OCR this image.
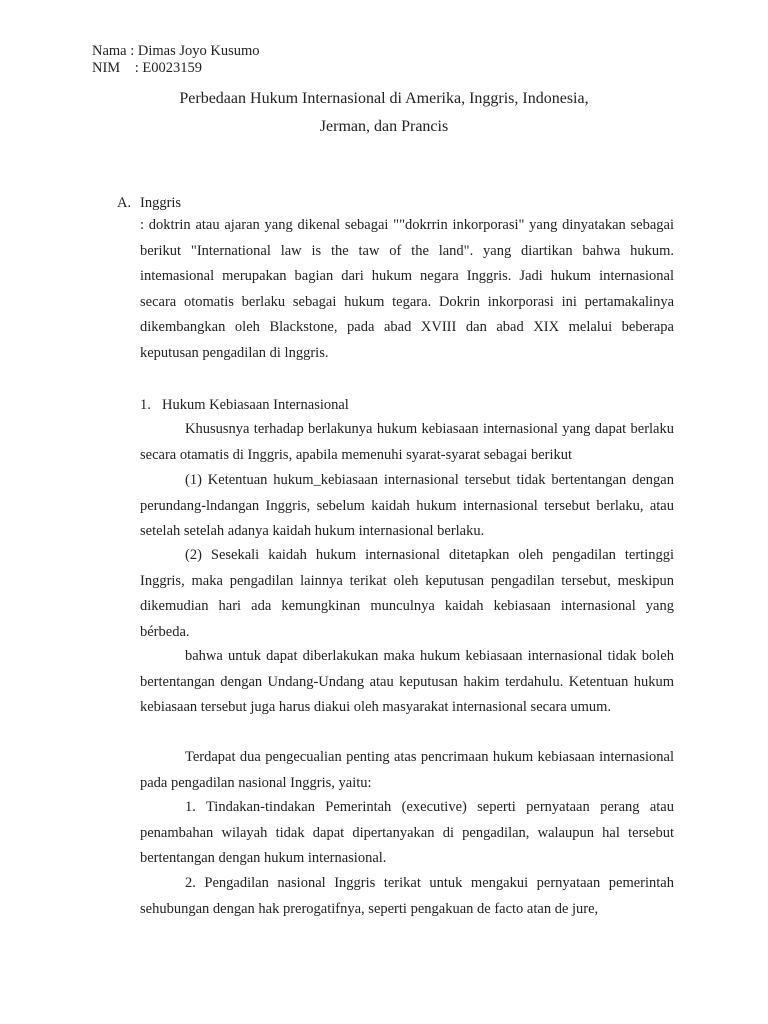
Nama : Dimas Joyo Kusumo
NIM    : E0023159
Perbedaan Hukum Internasional di Amerika, Inggris, Indonesia,
Jerman, dan Prancis
A. Inggris

: doktrin atau ajaran yang dikenal sebagai ""dokrrin inkorporasi" yang dinyatakan sebagai berikut "International law is the taw of the land". yang diartikan bahwa hukum. intemasional merupakan bagian dari hukum negara Inggris. Jadi hukum internasional secara otomatis berlaku sebagai hukum tegara. Dokrin inkorporasi ini pertamakalinya dikembangkan oleh Blackstone, pada abad XVIII dan abad XIX melalui beberapa keputusan pengadilan di lnggris.

1. Hukum Kebiasaan Internasional

Khususnya terhadap berlakunya hukum kebiasaan internasional yang dapat berlaku secara otamatis di Inggris, apabila memenuhi syarat-syarat sebagai berikut

(1) Ketentuan hukum_kebiasaan internasional tersebut tidak bertentangan dengan perundang-lndangan Inggris, sebelum kaidah hukum internasional tersebut berlaku, atau setelah setelah adanya kaidah hukum internasional berlaku.

(2) Sesekali kaidah hukum internasional ditetapkan oleh pengadilan tertinggi Inggris, maka pengadilan lainnya terikat oleh keputusan pengadilan tersebut, meskipun dikemudian hari ada kemungkinan munculnya kaidah kebiasaan internasional yang bérbeda.

bahwa untuk dapat diberlakukan maka hukum kebiasaan internasional tidak boleh bertentangan dengan Undang-Undang atau keputusan hakim terdahulu. Ketentuan hukum kebiasaan tersebut juga harus diakui oleh masyarakat internasional secara umum.

Terdapat dua pengecualian penting atas pencrimaan hukum kebiasaan internasional pada pengadilan nasional Inggris, yaitu:

1. Tindakan-tindakan Pemerintah (executive) seperti pernyataan perang atau penambahan wilayah tidak dapat dipertanyakan di pengadilan, walaupun hal tersebut bertentangan dengan hukum internasional.

2. Pengadilan nasional Inggris terikat untuk mengakui pernyataan pemerintah sehubungan dengan hak prerogatifnya, seperti pengakuan de facto atan de jure,
